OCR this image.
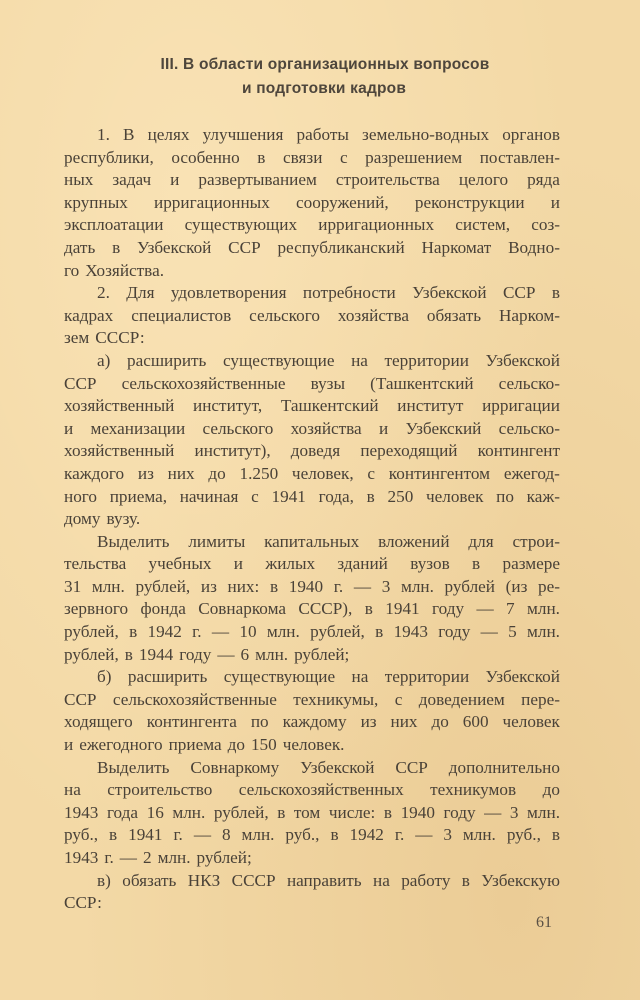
III. В области организационных вопросов
и подготовки кадров
1. В целях улучшения работы земельно-водных органов
республики, особенно в связи с разрешением поставлен-
ных задач и развертыванием строительства целого ряда
крупных ирригационных сооружений, реконструкции и
эксплоатации существующих ирригационных систем, соз-
дать в Узбекской ССР республиканский Наркомат Водно-
го Хозяйства.
2. Для удовлетворения потребности Узбекской ССР в
кадрах специалистов сельского хозяйства обязать Нарком-
зем СССР:
а) расширить существующие на территории Узбекской
ССР сельскохозяйственные вузы (Ташкентский сельско-
хозяйственный институт, Ташкентский институт ирригации
и механизации сельского хозяйства и Узбекский сельско-
хозяйственный институт), доведя переходящий контингент
каждого из них до 1.250 человек, с контингентом ежегод-
ного приема, начиная с 1941 года, в 250 человек по каж-
дому вузу.
Выделить лимиты капитальных вложений для строи-
тельства учебных и жилых зданий вузов в размере
31 млн. рублей, из них: в 1940 г. — 3 млн. рублей (из ре-
зервного фонда Совнаркома СССР), в 1941 году — 7 млн.
рублей, в 1942 г. — 10 млн. рублей, в 1943 году — 5 млн.
рублей, в 1944 году — 6 млн. рублей;
б) расширить существующие на территории Узбекской
ССР сельскохозяйственные техникумы, с доведением пере-
ходящего контингента по каждому из них до 600 человек
и ежегодного приема до 150 человек.
Выделить Совнаркому Узбекской ССР дополнительно
на строительство сельскохозяйственных техникумов до
1943 года 16 млн. рублей, в том числе: в 1940 году — 3 млн.
руб., в 1941 г. — 8 млн. руб., в 1942 г. — 3 млн. руб., в
1943 г. — 2 млн. рублей;
в) обязать НКЗ СССР направить на работу в Узбекскую
ССР:
61
